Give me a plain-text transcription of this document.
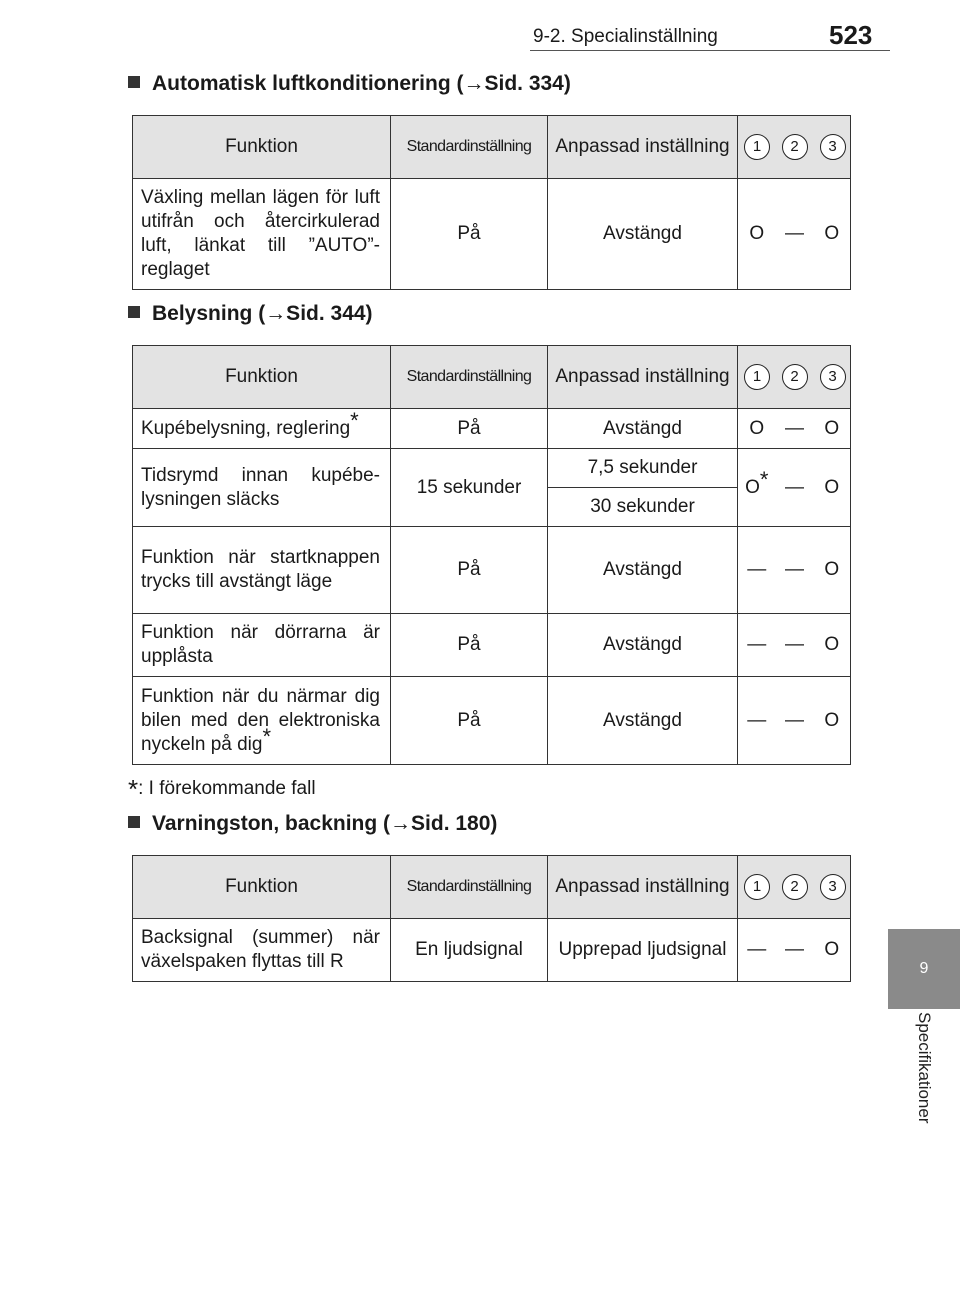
9-2. Specialinställning	523
9
Specifikationer
Automatisk luftkonditionering (→Sid. 334)
Funktion	Standardinställning	Anpassad inställning	1	2	3
Växling mellan lägen för luft utifrån och återcirkulerad luft, länkat till ”AUTO”-reglaget	På	Avstängd	O	—	O
Belysning (→Sid. 344)
Funktion	Standardinställning	Anpassad inställning	1	2	3
Kupébelysning, reglering*	På	Avstängd	O	—	O
Tidsrymd innan kupébelysningen släcks	15 sekunder	7,5 sekunder	O*	—	O
		30 sekunder			
Funktion när startknappen trycks till avstängt läge	På	Avstängd	—	—	O
Funktion när dörrarna är upplåsta	På	Avstängd	—	—	O
Funktion när du närmar dig bilen med den elektroniska nyckeln på dig*	På	Avstängd	—	—	O
*: I förekommande fall
Varningston, backning (→Sid. 180)
Funktion	Standardinställning	Anpassad inställning	1	2	3
Backsignal (summer) när växelspaken flyttas till R	En ljudsignal	Upprepad ljudsignal	—	—	O
